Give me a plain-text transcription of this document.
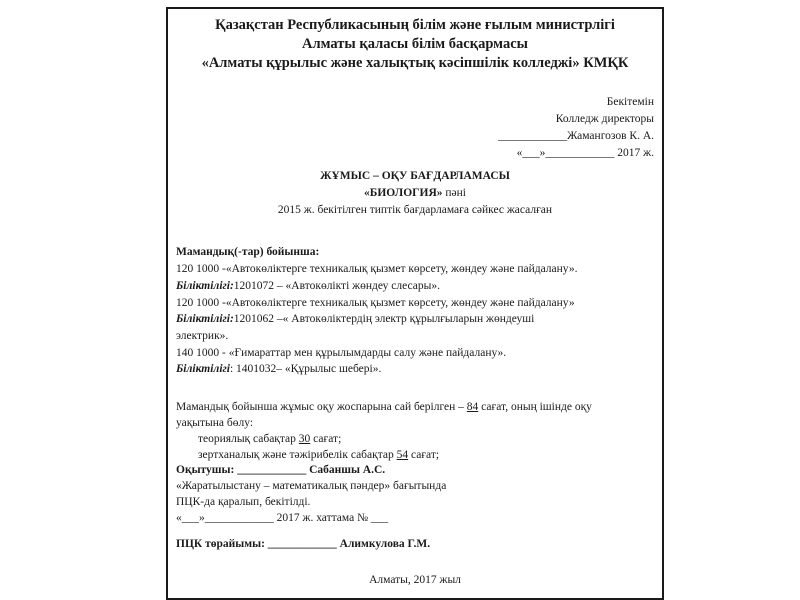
Қазақстан Республикасының білім және ғылым министрлігі
Алматы қаласы білім басқармасы
«Алматы құрылыс және халықтық кәсіпшілік колледжі» КМҚК
Бекітемін
Колледж директоры
____________Жамангозов К. А.
«___»____________ 2017 ж.
ЖҰМЫС – ОҚУ БАҒДАРЛАМАСЫ
«БИОЛОГИЯ» пәні
2015 ж. бекітілген типтік бағдарламаға сәйкес жасалған
Мамандық(-тар) бойынша:
120 1000 -«Автокөліктерге техникалық қызмет көрсету, жөндеу және пайдалану».
Біліктілігі:1201072 – «Автокөлікті жөндеу слесары».
120 1000 -«Автокөліктерге техникалық қызмет көрсету, жөндеу және пайдалану»
Біліктілігі:1201062 –« Автокөліктердің электр құрылғыларын жөндеуші
электрик».
140 1000 - «Ғимараттар мен құрылымдарды салу және пайдалану».
Біліктілігі: 1401032– «Құрылыс шебері».
Мамандық бойынша жұмыс оқу жоспарына сай берілген – 84 сағат, оның ішінде оқу
уақытына бөлу:
теориялық сабақтар 30 сағат;
зертханалық және тәжірибелік сабақтар 54 сағат;
Оқытушы: ____________ Сабаншы А.С.
«Жаратылыстану – математикалық пәндер» бағытында
ПЦК-да қаралып, бекітілді.
«___»____________ 2017 ж. хаттама № ___
ПЦК төрайымы: ____________ Алимкулова Г.М.
Алматы, 2017 жыл
